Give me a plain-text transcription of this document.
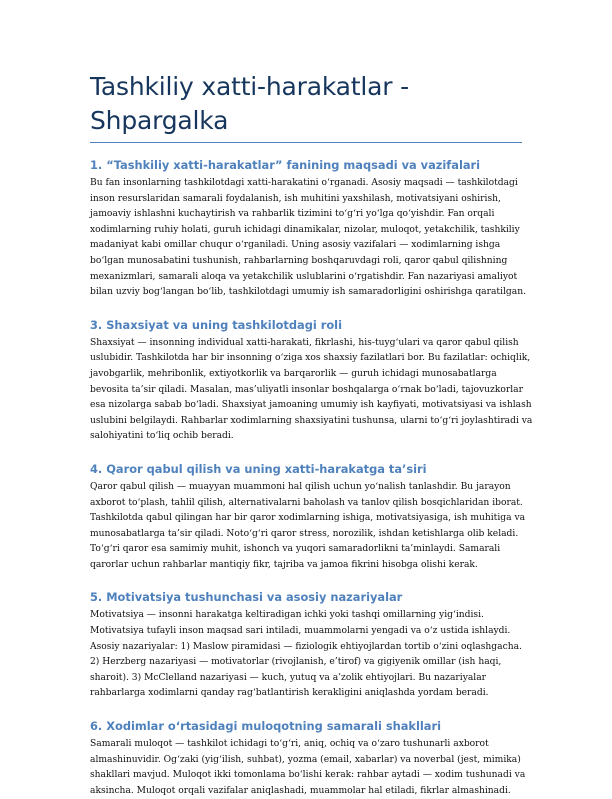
Tashkiliy xatti-harakatlar - Shpargalka
1. “Tashkiliy xatti-harakatlar” fanining maqsadi va vazifalari

Bu fan insonlarning tashkilotdagi xatti-harakatini o‘rganadi. Asosiy maqsadi — tashkilotdagi
inson resurslaridan samarali foydalanish, ish muhitini yaxshilash, motivatsiyani oshirish,
jamoaviy ishlashni kuchaytirish va rahbarlik tizimini to‘g‘ri yo‘lga qo‘yishdir. Fan orqali
xodimlarning ruhiy holati, guruh ichidagi dinamikalar, nizolar, muloqot, yetakchilik, tashkiliy
madaniyat kabi omillar chuqur o‘rganiladi. Uning asosiy vazifalari — xodimlarning ishga
bo‘lgan munosabatini tushunish, rahbarlarning boshqaruvdagi roli, qaror qabul qilishning
mexanizmlari, samarali aloqa va yetakchilik uslublarini o‘rgatishdir. Fan nazariyasi amaliyot
bilan uzviy bog‘langan bo‘lib, tashkilotdagi umumiy ish samaradorligini oshirishga qaratilgan.

3. Shaxsiyat va uning tashkilotdagi roli

Shaxsiyat — insonning individual xatti-harakati, fikrlashi, his-tuyg‘ulari va qaror qabul qilish
uslubidir. Tashkilotda har bir insonning o‘ziga xos shaxsiy fazilatlari bor. Bu fazilatlar: ochiqlik,
javobgarlik, mehribonlik, extiyotkorlik va barqarorlik — guruh ichidagi munosabatlarga
bevosita ta’sir qiladi. Masalan, mas’uliyatli insonlar boshqalarga o‘rnak bo‘ladi, tajovuzkorlar
esa nizolarga sabab bo‘ladi. Shaxsiyat jamoaning umumiy ish kayfiyati, motivatsiyasi va ishlash
uslubini belgilaydi. Rahbarlar xodimlarning shaxsiyatini tushunsa, ularni to‘g‘ri joylashtiradi va
salohiyatini to‘liq ochib beradi.

4. Qaror qabul qilish va uning xatti-harakatga ta’siri

Qaror qabul qilish — muayyan muammoni hal qilish uchun yo‘nalish tanlashdir. Bu jarayon
axborot to‘plash, tahlil qilish, alternativalarni baholash va tanlov qilish bosqichlaridan iborat.
Tashkilotda qabul qilingan har bir qaror xodimlarning ishiga, motivatsiyasiga, ish muhitiga va
munosabatlarga ta’sir qiladi. Noto‘g‘ri qaror stress, norozilik, ishdan ketishlarga olib keladi.
To‘g‘ri qaror esa samimiy muhit, ishonch va yuqori samaradorlikni ta’minlaydi. Samarali
qarorlar uchun rahbarlar mantiqiy fikr, tajriba va jamoa fikrini hisobga olishi kerak.

5. Motivatsiya tushunchasi va asosiy nazariyalar

Motivatsiya — insonni harakatga keltiradigan ichki yoki tashqi omillarning yig‘indisi.
Motivatsiya tufayli inson maqsad sari intiladi, muammolarni yengadi va o‘z ustida ishlaydi.
Asosiy nazariyalar: 1) Maslow piramidasi — fiziologik ehtiyojlardan tortib o‘zini oqlashgacha.
2) Herzberg nazariyasi — motivatorlar (rivojlanish, e’tirof) va gigiyenik omillar (ish haqi,
sharoit). 3) McClelland nazariyasi — kuch, yutuq va a’zolik ehtiyojlari. Bu nazariyalar
rahbarlarga xodimlarni qanday rag‘batlantirish kerakligini aniqlashda yordam beradi.

6. Xodimlar o‘rtasidagi muloqotning samarali shakllari

Samarali muloqot — tashkilot ichidagi to‘g‘ri, aniq, ochiq va o‘zaro tushunarli axborot
almashinuvidir. Og‘zaki (yig‘ilish, suhbat), yozma (email, xabarlar) va noverbal (jest, mimika)
shakllari mavjud. Muloqot ikki tomonlama bo‘lishi kerak: rahbar aytadi — xodim tushunadi va
aksincha. Muloqot orqali vazifalar aniqlashadi, muammolar hal etiladi, fikrlar almashinadi.
